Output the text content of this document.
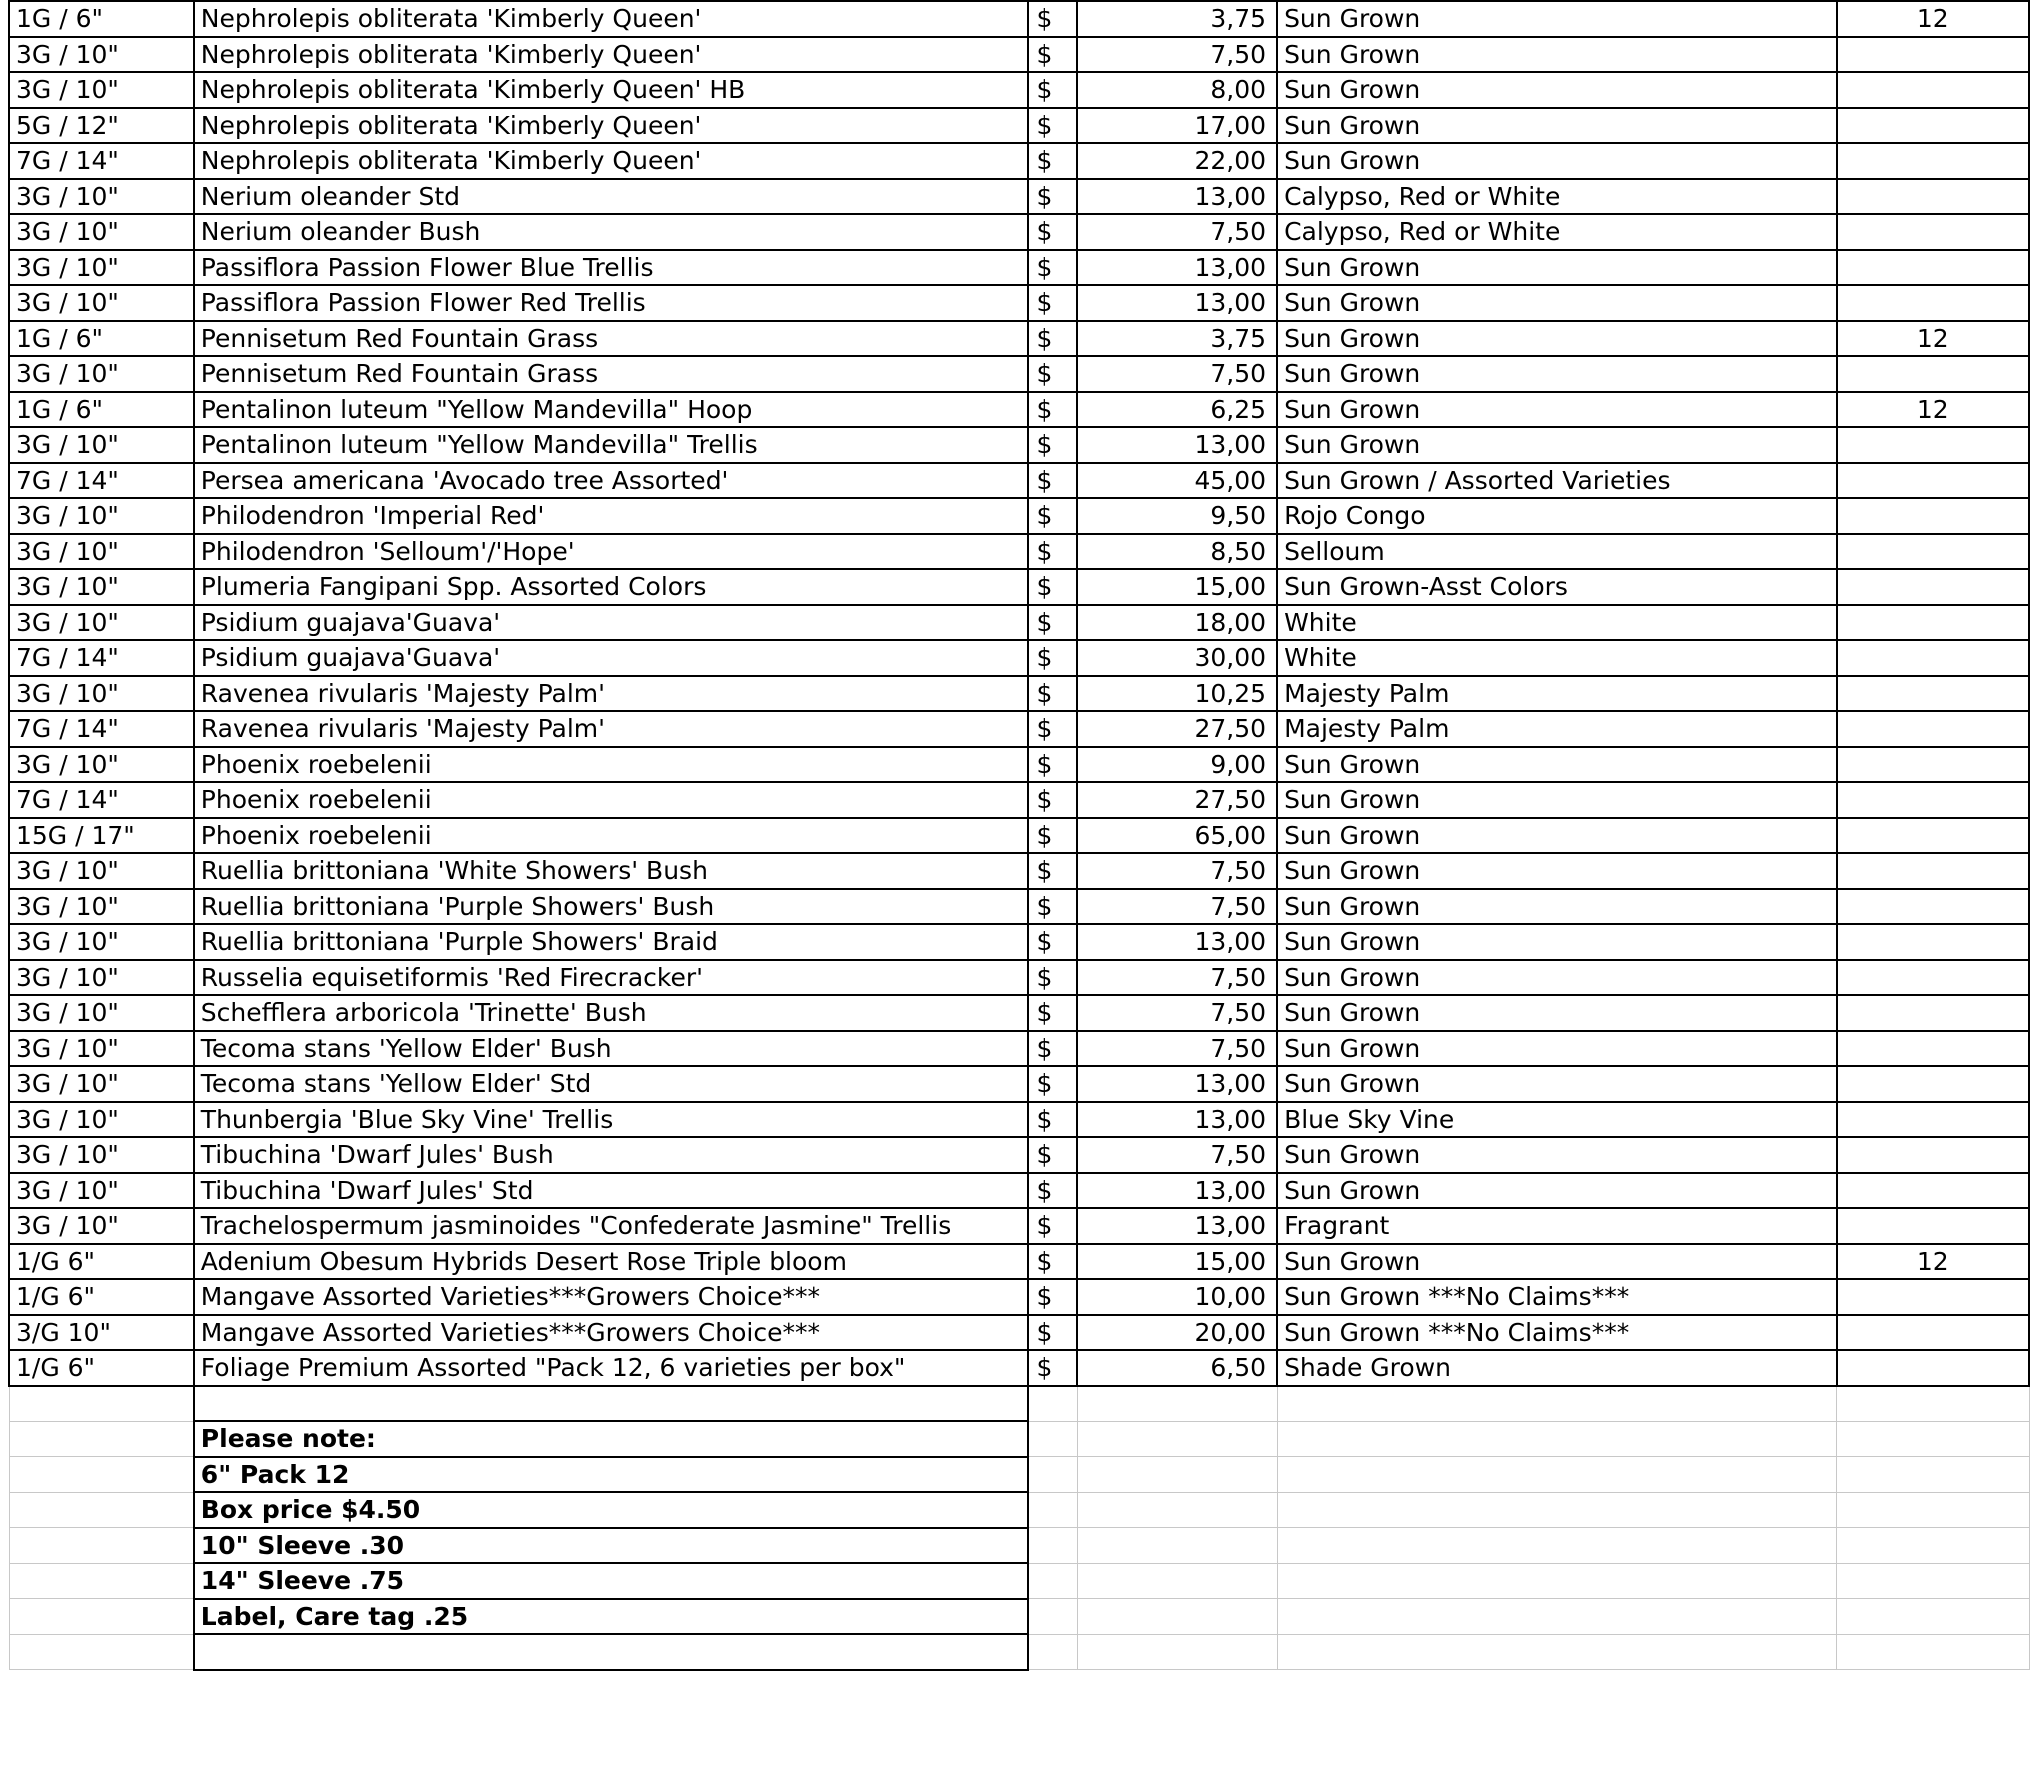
1G / 6"	Nephrolepis obliterata 'Kimberly Queen'	$	3,75	Sun Grown	12
3G / 10"	Nephrolepis obliterata 'Kimberly Queen'	$	7,50	Sun Grown	
3G / 10"	Nephrolepis obliterata 'Kimberly Queen' HB	$	8,00	Sun Grown	
5G / 12"	Nephrolepis obliterata 'Kimberly Queen'	$	17,00	Sun Grown	
7G / 14"	Nephrolepis obliterata 'Kimberly Queen'	$	22,00	Sun Grown	
3G / 10"	Nerium oleander Std	$	13,00	Calypso, Red or White	
3G / 10"	Nerium oleander Bush	$	7,50	Calypso, Red or White	
3G / 10"	Passiflora Passion Flower Blue Trellis	$	13,00	Sun Grown	
3G / 10"	Passiflora Passion Flower Red Trellis	$	13,00	Sun Grown	
1G / 6"	Pennisetum Red Fountain Grass	$	3,75	Sun Grown	12
3G / 10"	Pennisetum Red Fountain Grass	$	7,50	Sun Grown	
1G / 6"	Pentalinon luteum "Yellow Mandevilla" Hoop	$	6,25	Sun Grown	12
3G / 10"	Pentalinon luteum "Yellow Mandevilla" Trellis	$	13,00	Sun Grown	
7G / 14"	Persea americana 'Avocado tree Assorted'	$	45,00	Sun Grown / Assorted Varieties	
3G / 10"	Philodendron 'Imperial Red'	$	9,50	Rojo Congo	
3G / 10"	Philodendron 'Selloum'/'Hope'	$	8,50	Selloum	
3G / 10"	Plumeria Fangipani Spp. Assorted Colors	$	15,00	Sun Grown-Asst Colors	
3G / 10"	Psidium guajava'Guava'	$	18,00	White	
7G / 14"	Psidium guajava'Guava'	$	30,00	White	
3G / 10"	Ravenea rivularis 'Majesty Palm'	$	10,25	Majesty Palm	
7G / 14"	Ravenea rivularis 'Majesty Palm'	$	27,50	Majesty Palm	
3G / 10"	Phoenix roebelenii	$	9,00	Sun Grown	
7G / 14"	Phoenix roebelenii	$	27,50	Sun Grown	
15G / 17"	Phoenix roebelenii	$	65,00	Sun Grown	
3G / 10"	Ruellia brittoniana 'White Showers' Bush	$	7,50	Sun Grown	
3G / 10"	Ruellia brittoniana 'Purple Showers' Bush	$	7,50	Sun Grown	
3G / 10"	Ruellia brittoniana 'Purple Showers' Braid	$	13,00	Sun Grown	
3G / 10"	Russelia equisetiformis 'Red Firecracker'	$	7,50	Sun Grown	
3G / 10"	Schefflera arboricola 'Trinette' Bush	$	7,50	Sun Grown	
3G / 10"	Tecoma stans 'Yellow Elder' Bush	$	7,50	Sun Grown	
3G / 10"	Tecoma stans 'Yellow Elder' Std	$	13,00	Sun Grown	
3G / 10"	Thunbergia 'Blue Sky Vine' Trellis	$	13,00	Blue Sky Vine	
3G / 10"	Tibuchina 'Dwarf Jules' Bush	$	7,50	Sun Grown	
3G / 10"	Tibuchina 'Dwarf Jules' Std	$	13,00	Sun Grown	
3G / 10"	Trachelospermum jasminoides "Confederate Jasmine" Trellis	$	13,00	Fragrant	
1/G 6"	Adenium Obesum Hybrids Desert Rose Triple bloom	$	15,00	Sun Grown	12
1/G 6"	Mangave Assorted Varieties***Growers Choice***	$	10,00	Sun Grown ***No Claims***	
3/G 10"	Mangave Assorted Varieties***Growers Choice***	$	20,00	Sun Grown ***No Claims***	
1/G 6"	Foliage Premium Assorted "Pack 12, 6 varieties per box"	$	6,50	Shade Grown	

	Please note:				
	6" Pack 12				
	Box price $4.50				
	10" Sleeve .30				
	14" Sleeve .75				
	Label, Care tag .25				
